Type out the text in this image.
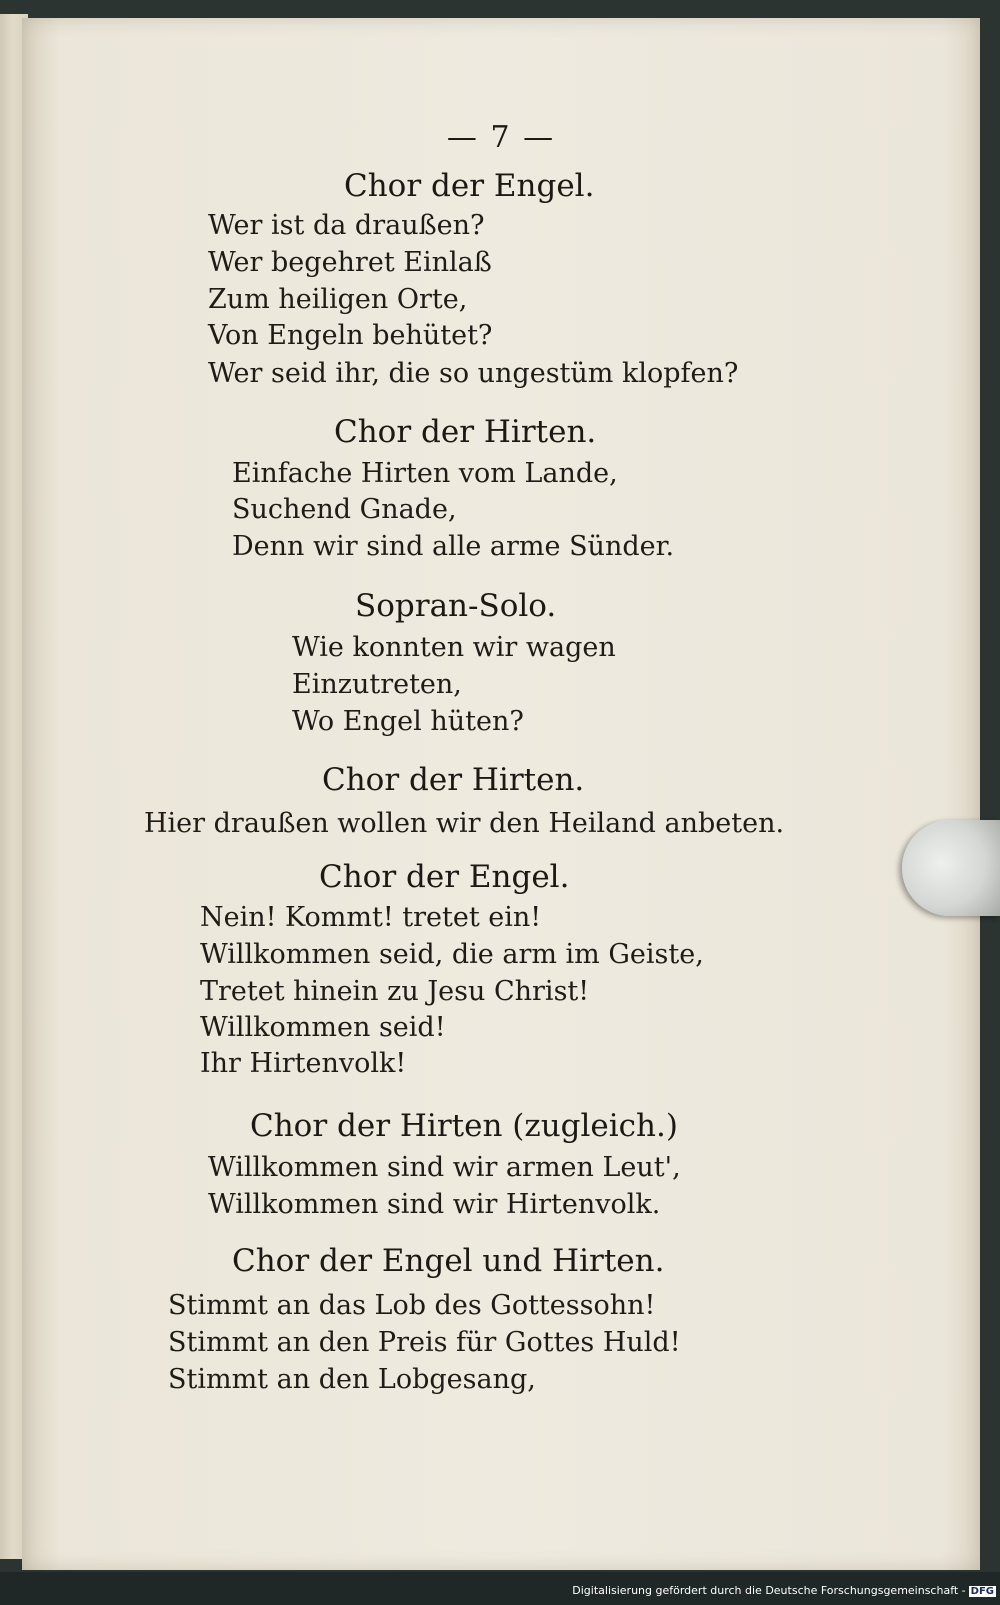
— 7 —
Chor der Engel.
Wer ist da draußen?
Wer begehret Einlaß
Zum heiligen Orte,
Von Engeln behütet?
Wer seid ihr, die so ungestüm klopfen?
Chor der Hirten.
Einfache Hirten vom Lande,
Suchend Gnade,
Denn wir sind alle arme Sünder.
Sopran-Solo.
Wie konnten wir wagen
Einzutreten,
Wo Engel hüten?
Chor der Hirten.
Hier draußen wollen wir den Heiland anbeten.
Chor der Engel.
Nein! Kommt! tretet ein!
Willkommen seid, die arm im Geiste,
Tretet hinein zu Jesu Christ!
Willkommen seid!
Ihr Hirtenvolk!
Chor der Hirten (zugleich.)
Willkommen sind wir armen Leut',
Willkommen sind wir Hirtenvolk.
Chor der Engel und Hirten.
Stimmt an das Lob des Gottessohn!
Stimmt an den Preis für Gottes Huld!
Stimmt an den Lobgesang,
Digitalisierung gefördert durch die Deutsche Forschungsgemeinschaft - DFG
